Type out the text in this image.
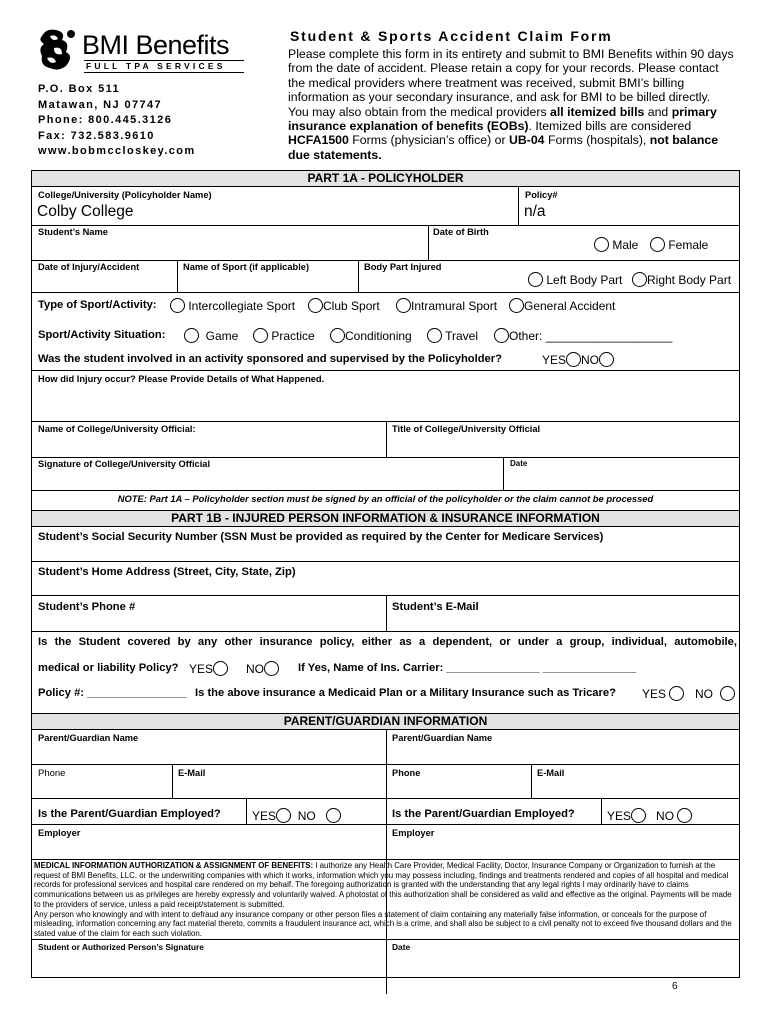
BMI Benefits
FULL TPA SERVICES
P.O. Box 511
Matawan, NJ 07747
Phone: 800.445.3126
Fax: 732.583.9610
www.bobmccloskey.com
Student & Sports Accident Claim Form
Please complete this form in its entirety and submit to BMI Benefits within 90 days from the date of accident. Please retain a copy for your records. Please contact the medical providers where treatment was received, submit BMI’s billing information as your secondary insurance, and ask for BMI to be billed directly. You may also obtain from the medical providers all itemized bills and primary insurance explanation of benefits (EOBs). Itemized bills are considered HCFA1500 Forms (physician’s office) or UB-04 Forms (hospitals), not balance due statements.
PART 1A - POLICYHOLDER
College/University (Policyholder Name)
Colby College
Policy#
n/a
Student’s Name	Date of Birth
Male	Female
Date of Injury/Accident	Name of Sport (if applicable)	Body Part Injured
Left Body Part	Right Body Part
Type of Sport/Activity:	Intercollegiate Sport	Club Sport	Intramural Sport	General Accident
Sport/Activity Situation:	Game	Practice	Conditioning	Travel	Other: ___________________
Was the student involved in an activity sponsored and supervised by the Policyholder?	YES NO
How did Injury occur? Please Provide Details of What Happened.
Name of College/University Official:	Title of College/University Official
Signature of College/University Official	Date
NOTE: Part 1A – Policyholder section must be signed by an official of the policyholder or the claim cannot be processed
PART 1B - INJURED PERSON INFORMATION & INSURANCE INFORMATION
Student’s Social Security Number (SSN Must be provided as required by the Center for Medicare Services)
Student’s Home Address (Street, City, State, Zip)
Student’s Phone #	Student’s E-Mail
Is the Student covered by any other insurance policy, either as a dependent, or under a group, individual, automobile,
medical or liability Policy? YES	NO	If Yes, Name of Ins. Carrier: _______________ _______________
Policy #: ________________ Is the above insurance a Medicaid Plan or a Military Insurance such as Tricare? YES	NO
PARENT/GUARDIAN INFORMATION
Parent/Guardian Name	Parent/Guardian Name
Phone	E-Mail	Phone	E-Mail
Is the Parent/Guardian Employed?	YES NO	Is the Parent/Guardian Employed?	YES NO
Employer	Employer
MEDICAL INFORMATION AUTHORIZATION & ASSIGNMENT OF BENEFITS: I authorize any Health Care Provider, Medical Facility, Doctor, Insurance Company or Organization to furnish at the request of BMI Benefits, LLC. or the underwriting companies with which it works, information which you may possess including, findings and treatments rendered and copies of all hospital and medical records for professional services and hospital care rendered on my behalf. The foregoing authorization is granted with the understanding that any legal rights I may ordinarily have to claims communications between us as privileges are hereby expressly and voluntarily waived. A photostat of this authorization shall be considered as valid and effective as the original. Payments will be made to the providers of service, unless a paid receipt/statement is submitted.
Any person who knowingly and with intent to defraud any insurance company or other person files a statement of claim containing any materially false information, or conceals for the purpose of misleading, information concerning any fact material thereto, commits a fraudulent insurance act, which is a crime, and shall also be subject to a civil penalty not to exceed five thousand dollars and the stated value of the claim for each such violation.
Student or Authorized Person’s Signature	Date
6
